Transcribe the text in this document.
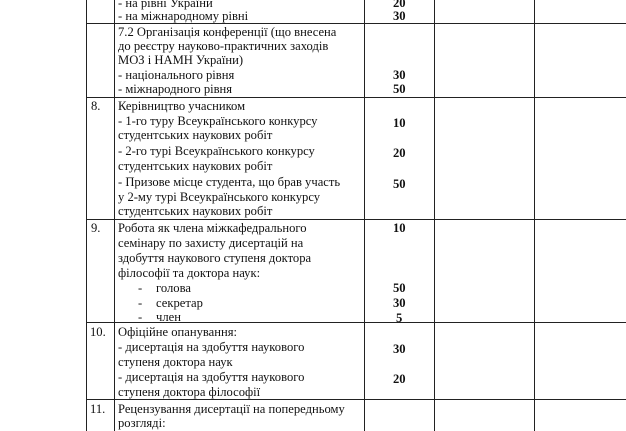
- на рівні України
- на міжнародному рівні
20
30
7.2 Організація конференції (що внесена
до реєстру науково-практичних заходів
МОЗ і НАМН України)
- національного рівня
- міжнародного рівня
30
50
8. Керівництво учасником
- 1-го туру Всеукраїнського конкурсу
студентських наукових робіт
- 2-го турі Всеукраїнського конкурсу
студентських наукових робіт
- Призове місце студента, що брав участь
у 2-му турі Всеукраїнського конкурсу
студентських наукових робіт
10
20
50
9. Робота як члена міжкафедрального
семінару по захисту дисертацій на
здобуття наукового ступеня доктора
філософії та доктора наук:
- голова
- секретар
- член
10
50
30
5
10. Офіційне опанування:
- дисертація на здобуття наукового
ступеня доктора наук
- дисертація на здобуття наукового
ступеня доктора філософії
30
20
11. Рецензування дисертації на попередньому
розгляді:
